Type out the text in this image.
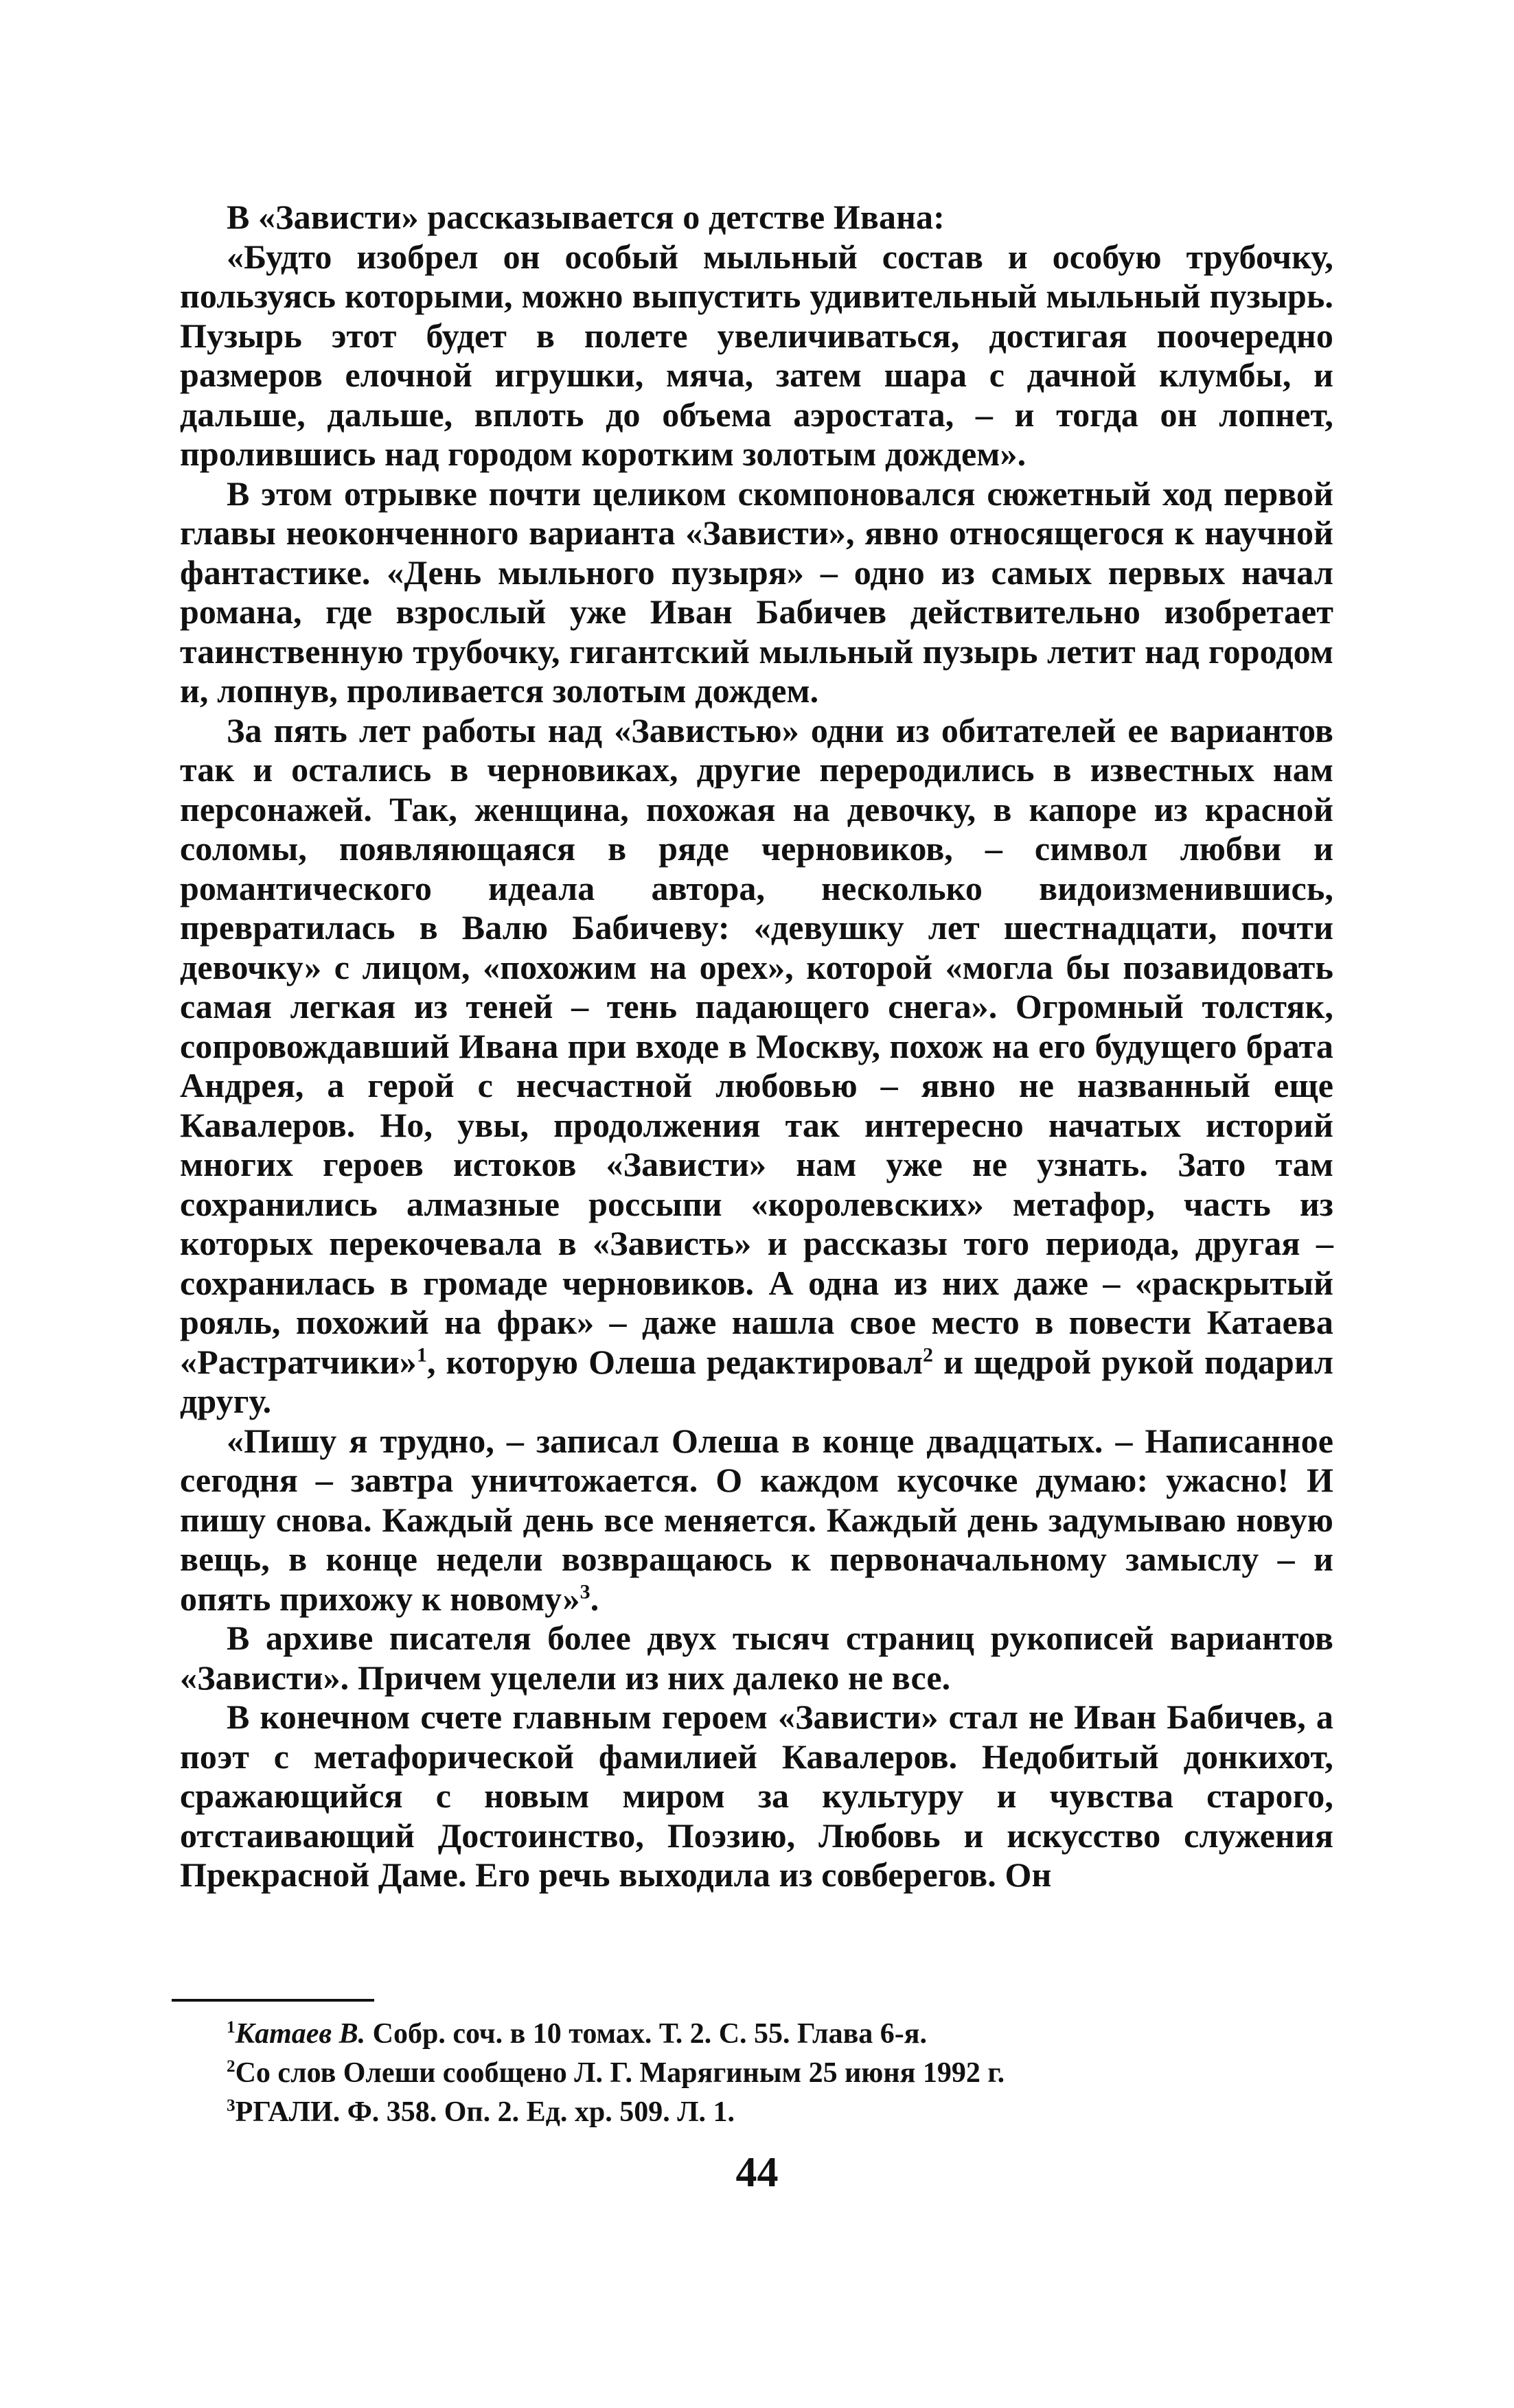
В «Зависти» рассказывается о детстве Ивана:

«Будто изобрел он особый мыльный состав и особую трубочку, пользуясь которыми, можно выпустить удивительный мыльный пузырь. Пузырь этот будет в полете увеличиваться, достигая поочередно размеров елочной игрушки, мяча, затем шара с дачной клумбы, и дальше, дальше, вплоть до объема аэростата, – и тогда он лопнет, пролившись над городом коротким золотым дождем».

В этом отрывке почти целиком скомпоновался сюжетный ход первой главы неоконченного варианта «Зависти», явно относящегося к научной фантастике. «День мыльного пузыря» – одно из самых первых начал романа, где взрослый уже Иван Бабичев действительно изобретает таинственную трубочку, гигантский мыльный пузырь летит над городом и, лопнув, проливается золотым дождем.

За пять лет работы над «Завистью» одни из обитателей ее вариантов так и остались в черновиках, другие переродились в известных нам персонажей. Так, женщина, похожая на девочку, в капоре из красной соломы, появляющаяся в ряде черновиков, – символ любви и романтического идеала автора, несколько видоизменившись, превратилась в Валю Бабичеву: «девушку лет шестнадцати, почти девочку» с лицом, «похожим на орех», которой «могла бы позавидовать самая легкая из теней – тень падающего снега». Огромный толстяк, сопровождавший Ивана при входе в Москву, похож на его будущего брата Андрея, а герой с несчастной любовью – явно не названный еще Кавалеров. Но, увы, продолжения так интересно начатых историй многих героев истоков «Зависти» нам уже не узнать. Зато там сохранились алмазные россыпи «королевских» метафор, часть из которых перекочевала в «Зависть» и рассказы того периода, другая – сохранилась в громаде черновиков. А одна из них даже – «раскрытый рояль, похожий на фрак» – даже нашла свое место в повести Катаева «Растратчики»$^1$, которую Олеша редактировал$^2$ и щедрой рукой подарил другу.

«Пишу я трудно, – записал Олеша в конце двадцатых. – Написанное сегодня – завтра уничтожается. О каждом кусочке думаю: ужасно! И пишу снова. Каждый день все меняется. Каждый день задумываю новую вещь, в конце недели возвращаюсь к первоначальному замыслу – и опять прихожу к новому»$^3$.

В архиве писателя более двух тысяч страниц рукописей вариантов «Зависти». Причем уцелели из них далеко не все.

В конечном счете главным героем «Зависти» стал не Иван Бабичев, а поэт с метафорической фамилией Кавалеров. Недобитый донкихот, сражающийся с новым миром за культуру и чувства старого, отстаивающий Достоинство, Поэзию, Любовь и искусство служения Прекрасной Даме. Его речь выходила из совберегов. Он

$^1$Катаев В. Собр. соч. в 10 томах. Т. 2. С. 55. Глава 6-я.

$^2$Со слов Олеши сообщено Л. Г. Марягиным 25 июня 1992 г.

$^3$РГАЛИ. Ф. 358. Оп. 2. Ед. хр. 509. Л. 1.

44
